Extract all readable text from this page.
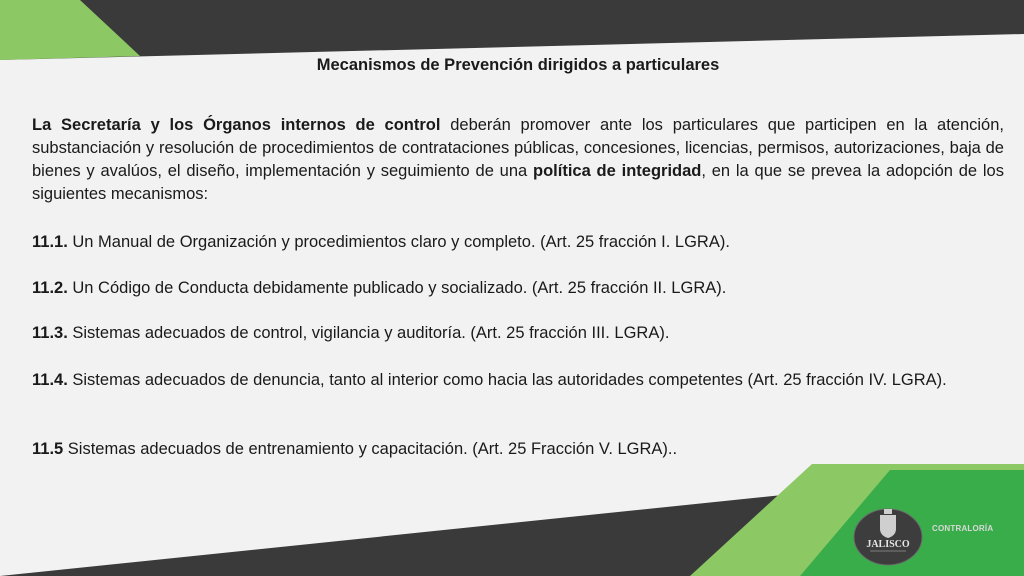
Mecanismos de Prevención dirigidos a particulares
La Secretaría y los Órganos internos de control deberán promover ante los particulares que participen en la atención, substanciación y resolución de procedimientos de contrataciones públicas, concesiones, licencias, permisos, autorizaciones, baja de bienes y avalúos, el diseño, implementación y seguimiento de una política de integridad, en la que se prevea la adopción de los siguientes mecanismos:
11.1. Un Manual de Organización y procedimientos claro y completo. (Art. 25 fracción I. LGRA).
11.2. Un Código de Conducta debidamente publicado y socializado. (Art. 25 fracción II. LGRA).
11.3. Sistemas adecuados de control, vigilancia y auditoría. (Art. 25 fracción III. LGRA).
11.4. Sistemas adecuados de denuncia, tanto al interior como hacia las autoridades competentes (Art. 25 fracción IV. LGRA).
11.5 Sistemas adecuados de entrenamiento y capacitación. (Art. 25 Fracción V. LGRA)..
JALISCO
CONTRALORÍA
